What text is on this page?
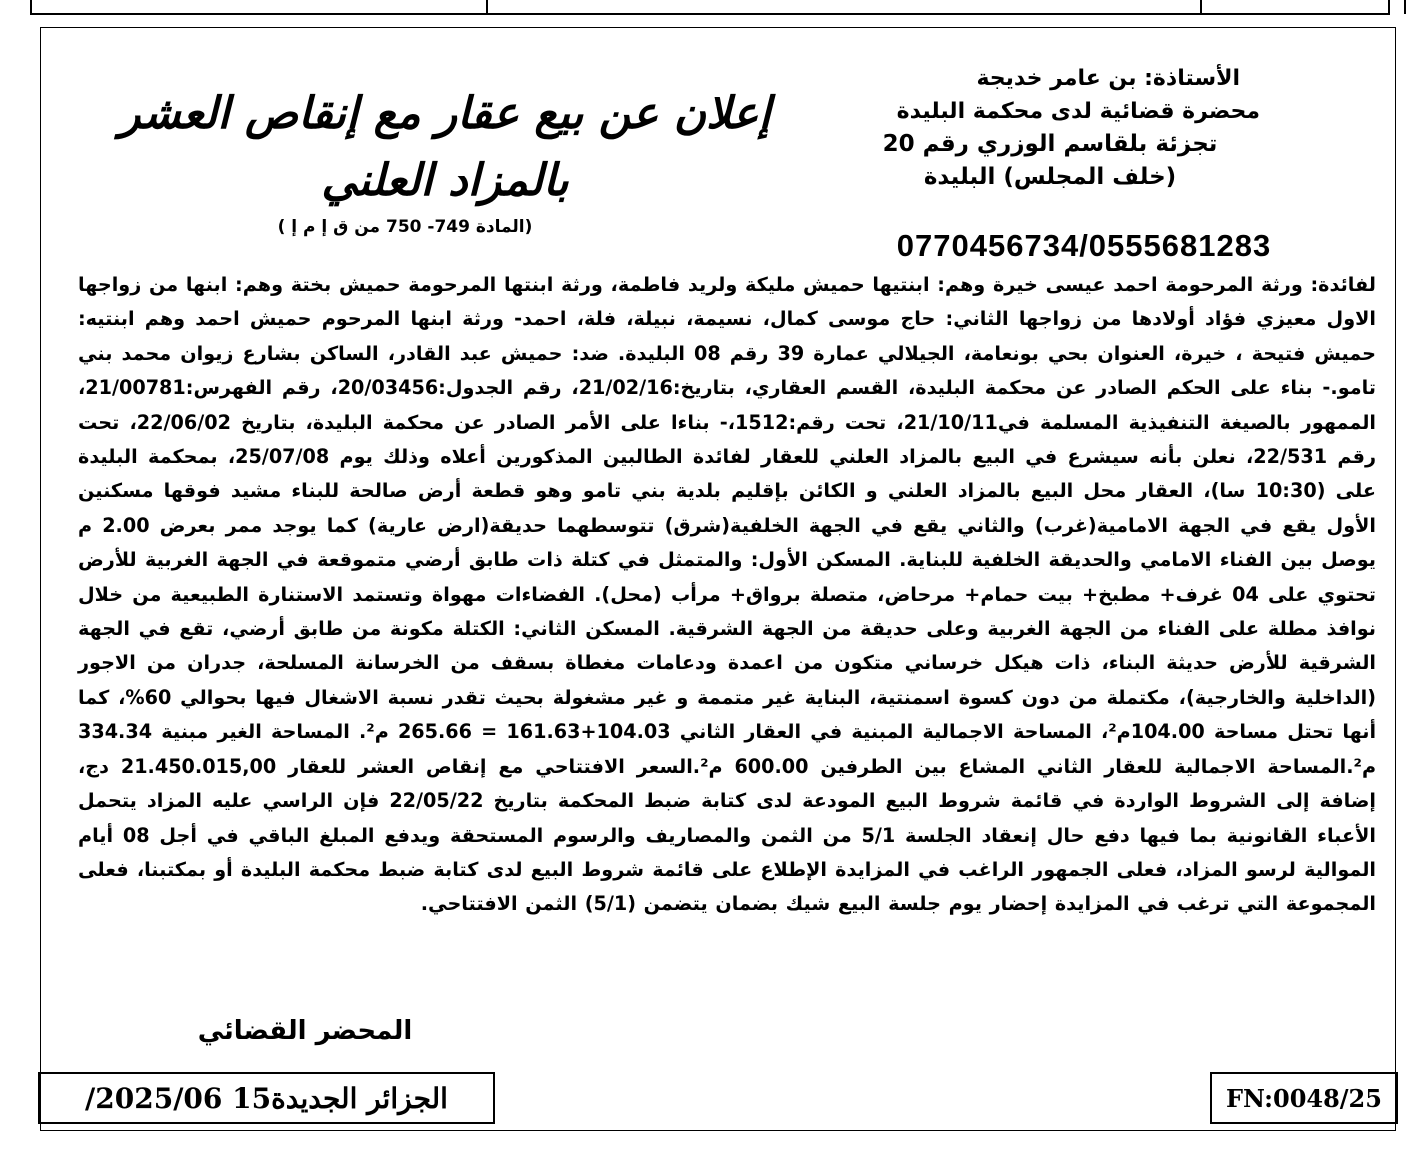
الأستاذة: بن عامر خديجة
محضرة قضائية لدى محكمة البليدة
تجزئة بلقاسم الوزري رقم 20
(خلف المجلس) البليدة
0770456734/0555681283
إعلان عن بيع عقار مع إنقاص العشر
بالمزاد العلني
(المادة 749- 750 من ق إ م إ )
لفائدة: ورثة المرحومة احمد عيسى خيرة وهم: ابنتيها حميش مليكة ولريد فاطمة، ورثة ابنتها المرحومة حميش بختة وهم: ابنها من زواجها الاول معيزي فؤاد أولادها من زواجها الثاني: حاج موسى كمال، نسيمة، نبيلة، فلة، احمد- ورثة ابنها المرحوم حميش احمد وهم ابنتيه: حميش فتيحة ، خيرة، العنوان بحي بونعامة، الجيلالي عمارة 39 رقم 08 البليدة. ضد: حميش عبد القادر، الساكن بشارع زيوان محمد بني تامو.- بناء على الحكم الصادر عن محكمة البليدة، القسم العقاري، بتاريخ:21/02/16، رقم الجدول:20/03456، رقم الفهرس:21/00781، الممهور بالصيغة التنفيذية المسلمة في21/10/11، تحت رقم:1512،- بناءا على الأمر الصادر عن محكمة البليدة، بتاريخ 22/06/02، تحت رقم 22/531، نعلن بأنه سيشرع في البيع بالمزاد العلني للعقار لفائدة الطالبين المذكورين أعلاه وذلك يوم 25/07/08، بمحكمة البليدة على (10:30 سا)، العقار محل البيع بالمزاد العلني و الكائن بإقليم بلدية بني تامو وهو قطعة أرض صالحة للبناء مشيد فوقها مسكنين الأول يقع في الجهة الامامية(غرب) والثاني يقع في الجهة الخلفية(شرق) تتوسطهما حديقة(ارض عارية) كما يوجد ممر بعرض 2.00 م يوصل بين الفناء الامامي والحديقة الخلفية للبناية. المسكن الأول: والمتمثل في كتلة ذات طابق أرضي متموقعة في الجهة الغربية للأرض تحتوي على 04 غرف+ مطبخ+ بيت حمام+ مرحاض، متصلة برواق+ مرأب (محل). الفضاءات مهواة وتستمد الاستنارة الطبيعية من خلال نوافذ مطلة على الفناء من الجهة الغربية وعلى حديقة من الجهة الشرقية. المسكن الثاني: الكتلة مكونة من طابق أرضي، تقع في الجهة الشرقية للأرض حديثة البناء، ذات هيكل خرساني متكون من اعمدة ودعامات مغطاة بسقف من الخرسانة المسلحة، جدران من الاجور (الداخلية والخارجية)، مكتملة من دون كسوة اسمنتية، البناية غير متممة و غير مشغولة بحيث تقدر نسبة الاشغال فيها بحوالي 60%، كما أنها تحتل مساحة 104.00م²، المساحة الاجمالية المبنية في العقار الثاني 104.03+161.63 = 265.66 م². المساحة الغير مبنية 334.34 م².المساحة الاجمالية للعقار الثاني المشاع بين الطرفين 600.00 م².السعر الافتتاحي مع إنقاص العشر للعقار 21.450.015,00 دج، إضافة إلى الشروط الواردة في قائمة شروط البيع المودعة لدى كتابة ضبط المحكمة بتاريخ 22/05/22 فإن الراسي عليه المزاد يتحمل الأعباء القانونية بما فيها دفع حال إنعقاد الجلسة 5/1 من الثمن والمصاريف والرسوم المستحقة ويدفع المبلغ الباقي في أجل 08 أيام الموالية لرسو المزاد، فعلى الجمهور الراغب في المزايدة الإطلاع على قائمة شروط البيع لدى كتابة ضبط محكمة البليدة أو بمكتبنا، فعلى المجموعة التي ترغب في المزايدة إحضار يوم جلسة البيع شيك بضمان يتضمن (5/1) الثمن الافتتاحي.
المحضر القضائي
الجزائر الجديدة15 2025/06/	FN:0048/25
